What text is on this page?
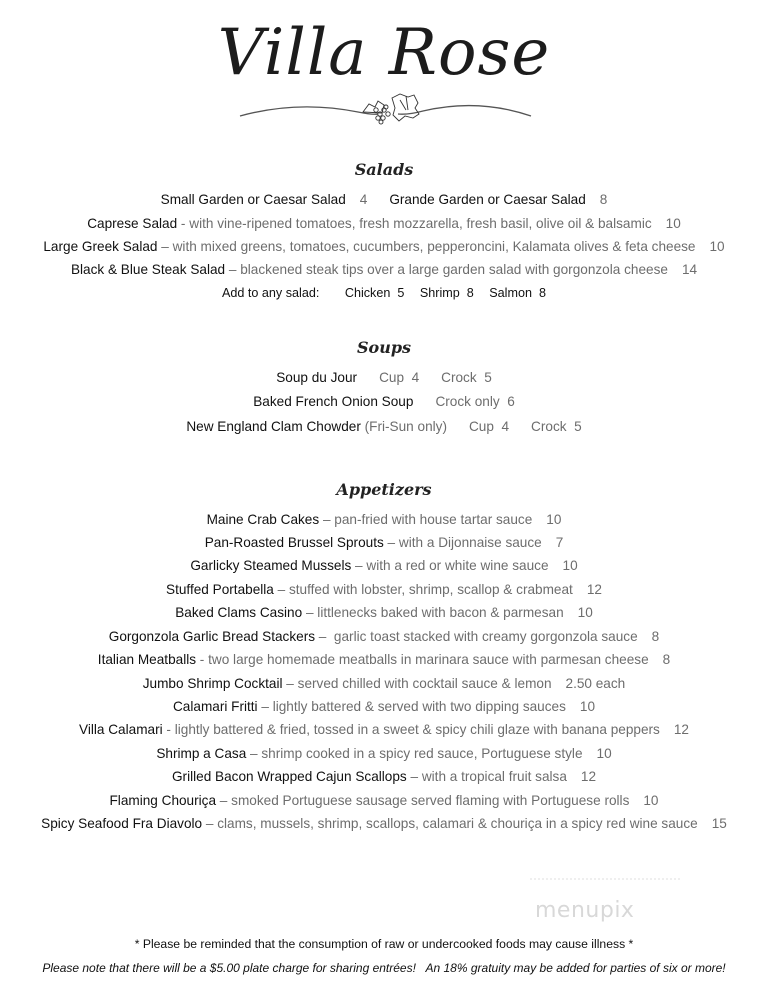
Villa Rose
Salads
Small Garden or Caesar Salad 4 Grande Garden or Caesar Salad 8
Caprese Salad - with vine-ripened tomatoes, fresh mozzarella, fresh basil, olive oil & balsamic 10
Large Greek Salad – with mixed greens, tomatoes, cucumbers, pepperoncini, Kalamata olives & feta cheese 10
Black & Blue Steak Salad – blackened steak tips over a large garden salad with gorgonzola cheese 14
Add to any salad: Chicken 5 Shrimp 8 Salmon 8
Soups
Soup du Jour Cup  4 Crock  5
Baked French Onion Soup Crock only  6
New England Clam Chowder (Fri-Sun only) Cup  4 Crock  5
Appetizers
Maine Crab Cakes – pan-fried with house tartar sauce 10
Pan-Roasted Brussel Sprouts – with a Dijonnaise sauce 7
Garlicky Steamed Mussels – with a red or white wine sauce 10
Stuffed Portabella – stuffed with lobster, shrimp, scallop & crabmeat 12
Baked Clams Casino – littlenecks baked with bacon & parmesan 10
Gorgonzola Garlic Bread Stackers –  garlic toast stacked with creamy gorgonzola sauce 8
Italian Meatballs - two large homemade meatballs in marinara sauce with parmesan cheese 8
Jumbo Shrimp Cocktail – served chilled with cocktail sauce & lemon 2.50 each
Calamari Fritti – lightly battered & served with two dipping sauces 10
Villa Calamari - lightly battered & fried, tossed in a sweet & spicy chili glaze with banana peppers 12
Shrimp a Casa – shrimp cooked in a spicy red sauce, Portuguese style 10
Grilled Bacon Wrapped Cajun Scallops – with a tropical fruit salsa 12
Flaming Chouriça – smoked Portuguese sausage served flaming with Portuguese rolls 10
Spicy Seafood Fra Diavolo – clams, mussels, shrimp, scallops, calamari & chouriça in a spicy red wine sauce 15
menupix
* Please be reminded that the consumption of raw or undercooked foods may cause illness *
Please note that there will be a $5.00 plate charge for sharing entrées!   An 18% gratuity may be added for parties of six or more!
